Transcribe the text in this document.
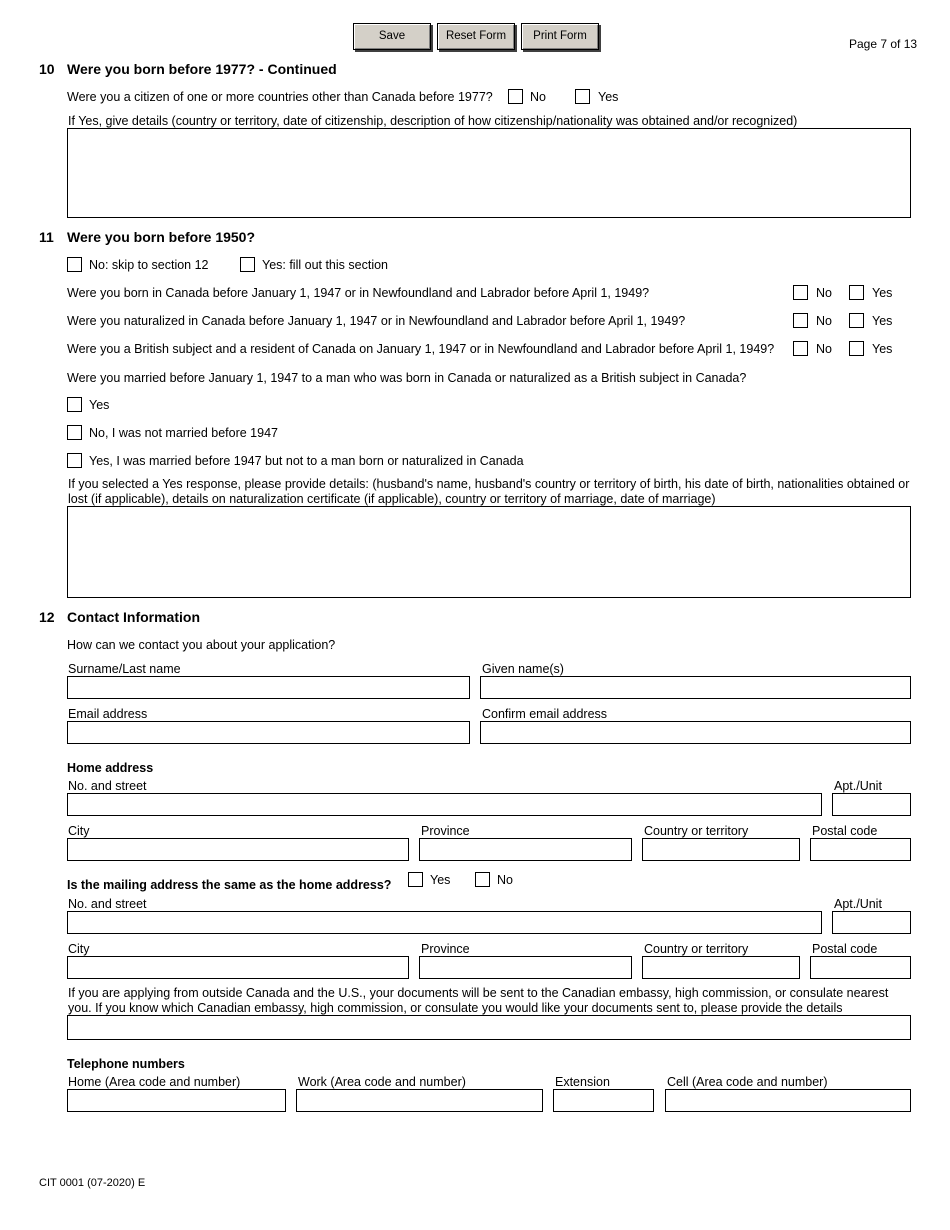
Save	Reset Form	Print Form
Page 7 of 13
10 Were you born before 1977? - Continued
Were you a citizen of one or more countries other than Canada before 1977?	No	Yes
If Yes, give details (country or territory, date of citizenship, description of how citizenship/nationality was obtained and/or recognized)
11 Were you born before 1950?
No: skip to section 12	Yes: fill out this section
Were you born in Canada before January 1, 1947 or in Newfoundland and Labrador before April 1, 1949?	No	Yes
Were you naturalized in Canada before January 1, 1947 or in Newfoundland and Labrador before April 1, 1949?	No	Yes
Were you a British subject and a resident of Canada on January 1, 1947 or in Newfoundland and Labrador before April 1, 1949?	No	Yes
Were you married before January 1, 1947 to a man who was born in Canada or naturalized as a British subject in Canada?
Yes
No, I was not married before 1947
Yes, I was married before 1947 but not to a man born or naturalized in Canada
If you selected a Yes response, please provide details: (husband's name, husband's country or territory of birth, his date of birth, nationalities obtained or lost (if applicable), details on naturalization certificate (if applicable), country or territory of marriage, date of marriage)
12 Contact Information
How can we contact you about your application?
Surname/Last name	Given name(s)
Email address	Confirm email address
Home address
No. and street	Apt./Unit
City	Province	Country or territory	Postal code
Is the mailing address the same as the home address?	Yes	No
No. and street	Apt./Unit
City	Province	Country or territory	Postal code
If you are applying from outside Canada and the U.S., your documents will be sent to the Canadian embassy, high commission, or consulate nearest you. If you know which Canadian embassy, high commission, or consulate you would like your documents sent to, please provide the details
Telephone numbers
Home (Area code and number)	Work (Area code and number)	Extension	Cell (Area code and number)
CIT 0001 (07-2020) E
